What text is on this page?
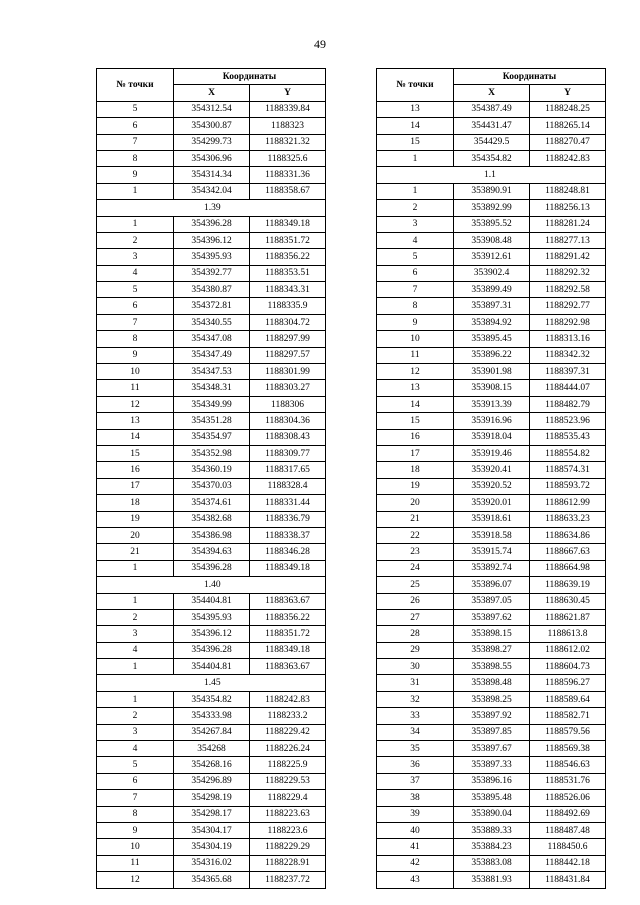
49
№ точки	Координаты	
	X	Y
5	354312.54	1188339.84
6	354300.87	1188323
7	354299.73	1188321.32
8	354306.96	1188325.6
9	354314.34	1188331.36
1	354342.04	1188358.67
1.39		
1	354396.28	1188349.18
2	354396.12	1188351.72
3	354395.93	1188356.22
4	354392.77	1188353.51
5	354380.87	1188343.31
6	354372.81	1188335.9
7	354340.55	1188304.72
8	354347.08	1188297.99
9	354347.49	1188297.57
10	354347.53	1188301.99
11	354348.31	1188303.27
12	354349.99	1188306
13	354351.28	1188304.36
14	354354.97	1188308.43
15	354352.98	1188309.77
16	354360.19	1188317.65
17	354370.03	1188328.4
18	354374.61	1188331.44
19	354382.68	1188336.79
20	354386.98	1188338.37
21	354394.63	1188346.28
1	354396.28	1188349.18
1.40		
1	354404.81	1188363.67
2	354395.93	1188356.22
3	354396.12	1188351.72
4	354396.28	1188349.18
1	354404.81	1188363.67
1.45		
1	354354.82	1188242.83
2	354333.98	1188233.2
3	354267.84	1188229.42
4	354268	1188226.24
5	354268.16	1188225.9
6	354296.89	1188229.53
7	354298.19	1188229.4
8	354298.17	1188223.63
9	354304.17	1188223.6
10	354304.19	1188229.29
11	354316.02	1188228.91
12	354365.68	1188237.72
№ точки	Координаты	
	X	Y
13	354387.49	1188248.25
14	354431.47	1188265.14
15	354429.5	1188270.47
1	354354.82	1188242.83
1.1		
1	353890.91	1188248.81
2	353892.99	1188256.13
3	353895.52	1188281.24
4	353908.48	1188277.13
5	353912.61	1188291.42
6	353902.4	1188292.32
7	353899.49	1188292.58
8	353897.31	1188292.77
9	353894.92	1188292.98
10	353895.45	1188313.16
11	353896.22	1188342.32
12	353901.98	1188397.31
13	353908.15	1188444.07
14	353913.39	1188482.79
15	353916.96	1188523.96
16	353918.04	1188535.43
17	353919.46	1188554.82
18	353920.41	1188574.31
19	353920.52	1188593.72
20	353920.01	1188612.99
21	353918.61	1188633.23
22	353918.58	1188634.86
23	353915.74	1188667.63
24	353892.74	1188664.98
25	353896.07	1188639.19
26	353897.05	1188630.45
27	353897.62	1188621.87
28	353898.15	1188613.8
29	353898.27	1188612.02
30	353898.55	1188604.73
31	353898.48	1188596.27
32	353898.25	1188589.64
33	353897.92	1188582.71
34	353897.85	1188579.56
35	353897.67	1188569.38
36	353897.33	1188546.63
37	353896.16	1188531.76
38	353895.48	1188526.06
39	353890.04	1188492.69
40	353889.33	1188487.48
41	353884.23	1188450.6
42	353883.08	1188442.18
43	353881.93	1188431.84
